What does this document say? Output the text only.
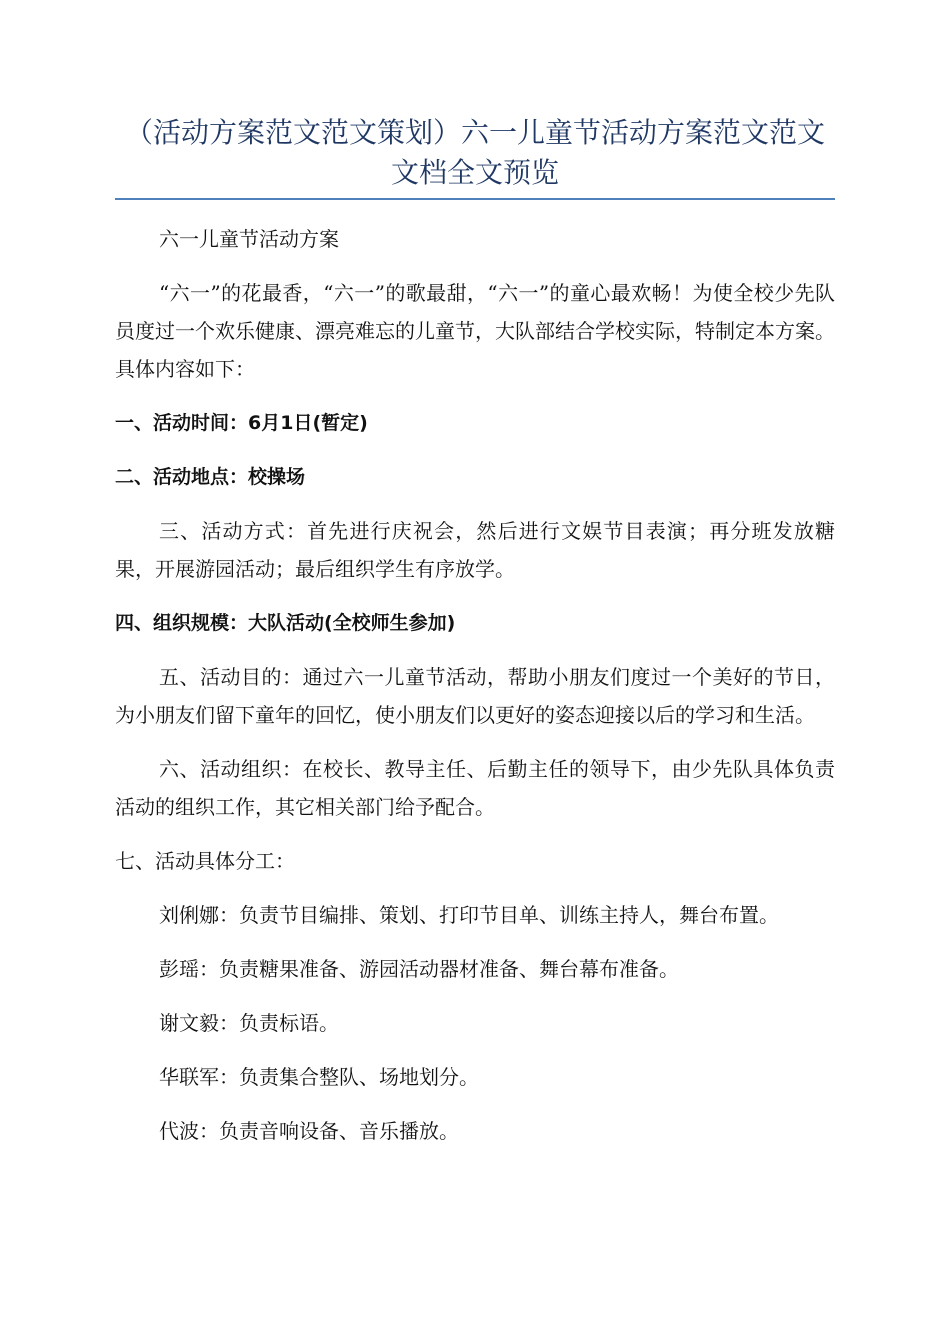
（活动方案范文范文策划）六一儿童节活动方案范文范文文档全文预览

六一儿童节活动方案

“六一”的花最香，“六一”的歌最甜，“六一”的童心最欢畅！为使全校少先队员度过一个欢乐健康、漂亮难忘的儿童节，大队部结合学校实际，特制定本方案。具体内容如下：

一、活动时间：6月1日(暂定)

二、活动地点：校操场

三、活动方式：首先进行庆祝会，然后进行文娱节目表演；再分班发放糖果，开展游园活动；最后组织学生有序放学。

四、组织规模：大队活动(全校师生参加)

五、活动目的：通过六一儿童节活动，帮助小朋友们度过一个美好的节日，为小朋友们留下童年的回忆，使小朋友们以更好的姿态迎接以后的学习和生活。

六、活动组织：在校长、教导主任、后勤主任的领导下，由少先队具体负责活动的组织工作，其它相关部门给予配合。

七、活动具体分工：

刘俐娜：负责节目编排、策划、打印节目单、训练主持人，舞台布置。

彭瑶：负责糖果准备、游园活动器材准备、舞台幕布准备。

谢文毅：负责标语。

华联军：负责集合整队、场地划分。

代波：负责音响设备、音乐播放。
